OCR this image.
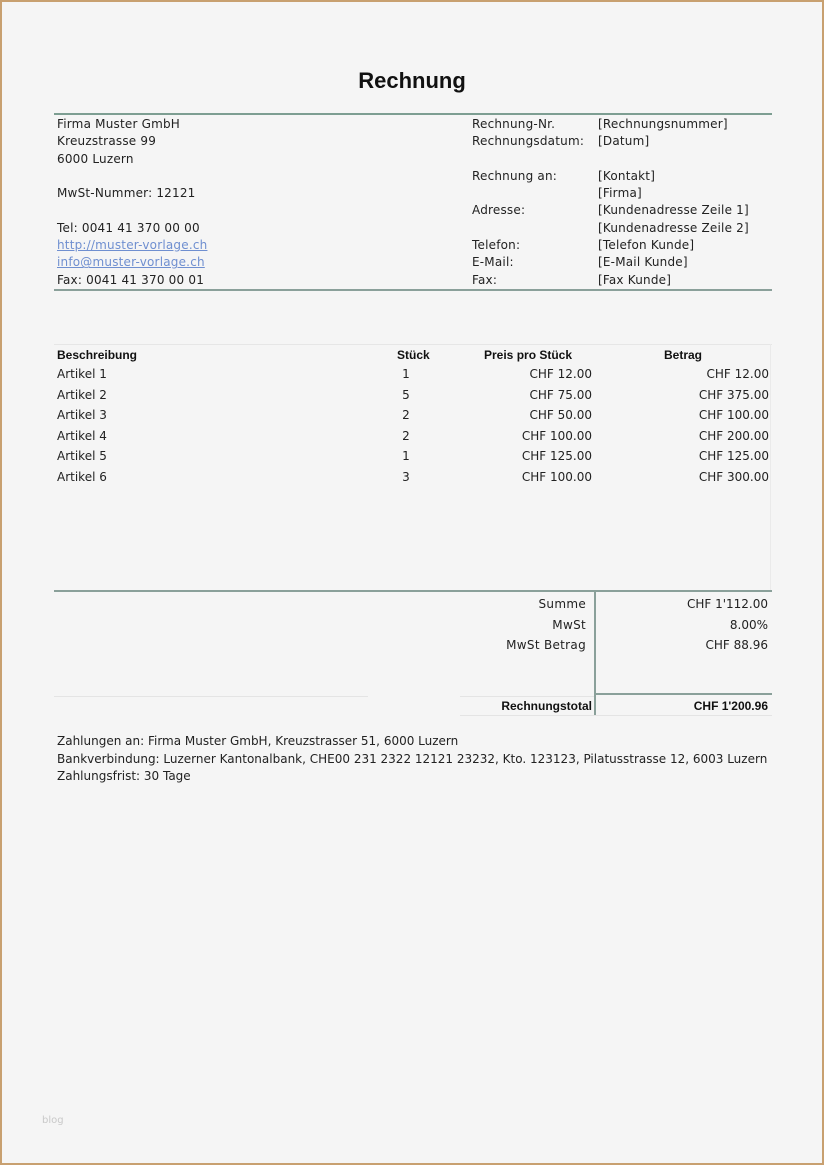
Rechnung
Firma Muster GmbH
Kreuzstrasse 99
6000 Luzern
MwSt-Nummer: 12121
Tel: 0041 41 370 00 00
http://muster-vorlage.ch
info@muster-vorlage.ch
Fax: 0041 41 370 00 01
Rechnung-Nr.	[Rechnungsnummer]
Rechnungsdatum:	[Datum]
Rechnung an:	[Kontakt]
[Firma]
Adresse:	[Kundenadresse Zeile 1]
[Kundenadresse Zeile 2]
Telefon:	[Telefon Kunde]
E-Mail:	[E-Mail Kunde]
Fax:	[Fax Kunde]
Beschreibung	Stück	Preis pro Stück	Betrag
Artikel 1	1	CHF 12.00	CHF 12.00
Artikel 2	5	CHF 75.00	CHF 375.00
Artikel 3	2	CHF 50.00	CHF 100.00
Artikel 4	2	CHF 100.00	CHF 200.00
Artikel 5	1	CHF 125.00	CHF 125.00
Artikel 6	3	CHF 100.00	CHF 300.00
Summe	CHF 1'112.00
MwSt	8.00%
MwSt Betrag	CHF 88.96
Rechnungstotal	CHF 1'200.96
Zahlungen an: Firma Muster GmbH, Kreuzstrasser 51, 6000 Luzern
Bankverbindung: Luzerner Kantonalbank, CHE00 231 2322 12121 23232, Kto. 123123, Pilatusstrasse 12, 6003 Luzern
Zahlungsfrist: 30 Tage
blog
